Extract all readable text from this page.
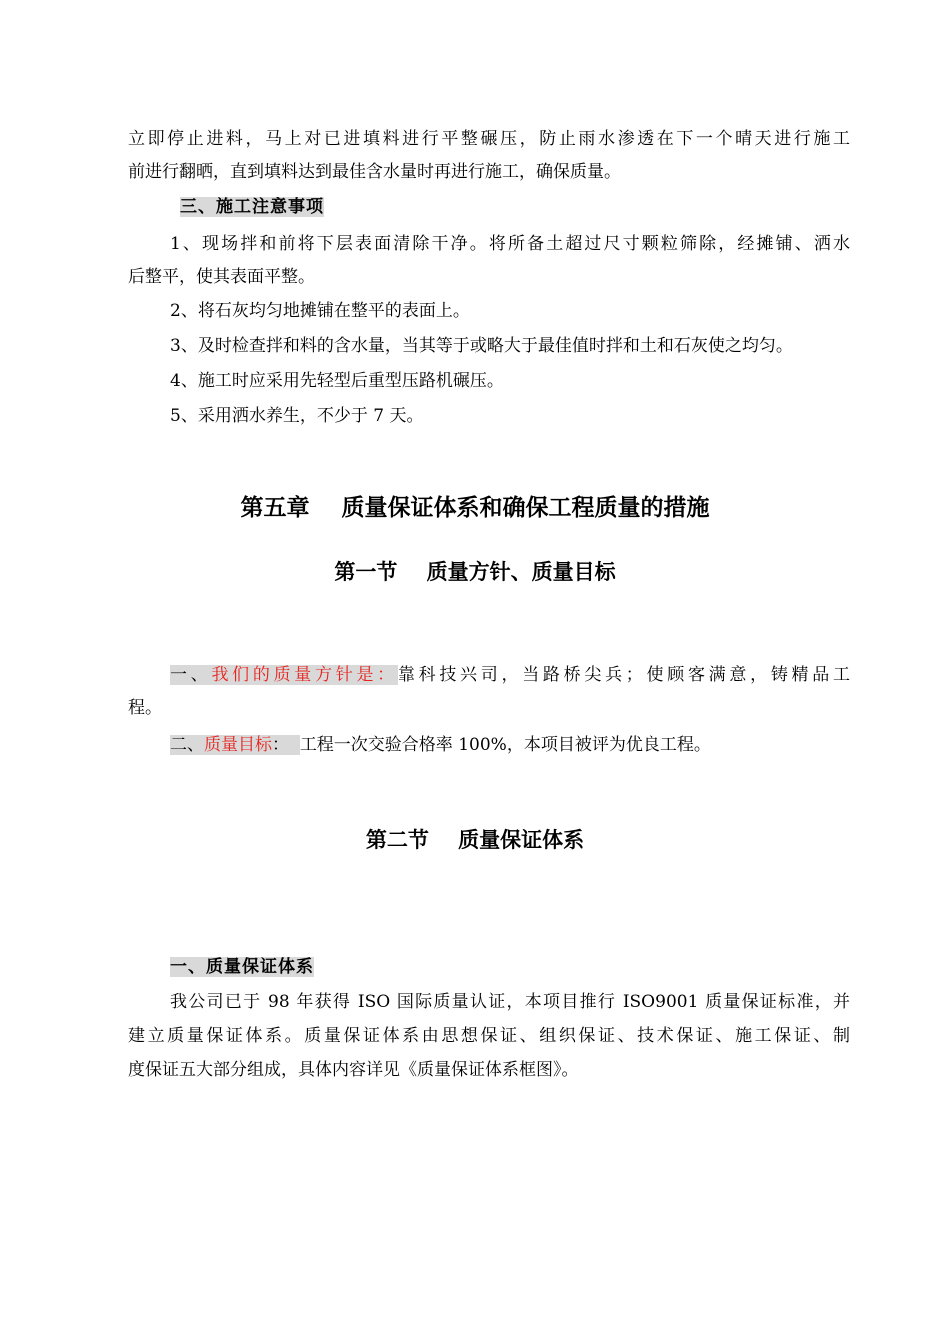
立即停止进料，马上对已进填料进行平整碾压，防止雨水渗透在下一个晴天进行施工
前进行翻晒，直到填料达到最佳含水量时再进行施工，确保质量。
三、施工注意事项
1、现场拌和前将下层表面清除干净。将所备土超过尺寸颗粒筛除，经摊铺、洒水
后整平，使其表面平整。
2、将石灰均匀地摊铺在整平的表面上。
3、及时检查拌和料的含水量，当其等于或略大于最佳值时拌和土和石灰使之均匀。
4、施工时应采用先轻型后重型压路机碾压。
5、采用洒水养生，不少于 7 天。
第五章    质量保证体系和确保工程质量的措施
第一节    质量方针、质量目标
一、我们的质量方针是：靠科技兴司，当路桥尖兵；使顾客满意，铸精品工
程。
二、质量目标： 工程一次交验合格率 100%，本项目被评为优良工程。
第二节    质量保证体系
一、质量保证体系
我公司已于 98 年获得 ISO 国际质量认证，本项目推行 ISO9001 质量保证标准，并
建立质量保证体系。质量保证体系由思想保证、组织保证、技术保证、施工保证、制
度保证五大部分组成，具体内容详见《质量保证体系框图》。
